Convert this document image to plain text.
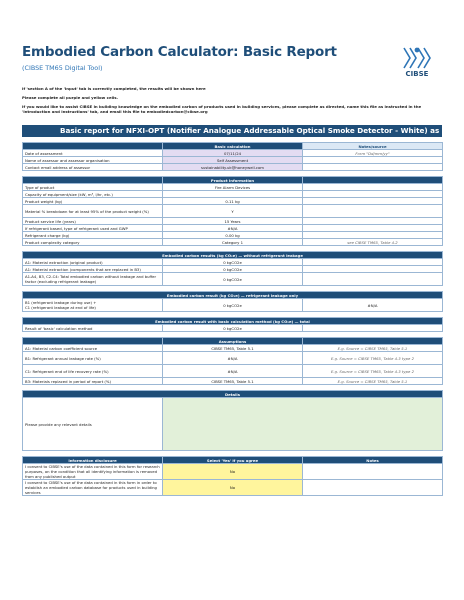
Embodied Carbon Calculator: Basic Report
(CIBSE TM65 Digital Tool)
CIBSE
If 'section A of the 'Input' tab is correctly completed, the results will be shown here
Please complete all purple and yellow cells.
If you would like to assist CIBSE in building knowledge on the embodied carbon of products used in building services, please complete as directed, name this file as instructed in the 'Introduction and instructions' tab, and email this file to embodiedcarbon@cibse.org
Basic report for NFXI-OPT (Notifier Analogue Addressable Optical Smoke Detector - White) as
	Basic calculation	Notes/source
Date of assessment	07/11/24	Form "Dd/mm/yy"
Name of assessor and assessor organisation	Self Assessment	
Contact email address of assessor	sustainability.uk@honeywell.com	

	Product information	
Type of product	Fire Alarm Devices	
Capacity of equipment/size (kW, m³, l/hr, etc.)		
Product weight (kg)	0.11 kg	
Material % breakdown for at least 95% of the product weight (%)	Y	
Product service life (years)	15 Years	
If refrigerant based, type of refrigerant used and GWP	#N/A	
Refrigerant charge (kg)	0.00 kg	
Product complexity category	Category 1	see CIBSE TM65, Table 4.2

Embodied carbon results (kg CO₂e) — without refrigerant leakage		
A1: Material extraction (original product)	0 kgCO2e	
A1: Material extraction (components that are replaced in B3)	0 kgCO2e	
A1-A4, B3, C2-C4: Total embodied carbon without leakage and buffer factor (excluding refrigerant leakage)	0 kgCO2e	

Embodied carbon result (kg CO₂e) — refrigerant leakage only		
B1 (refrigerant leakage during use) +
C1 (refrigerant leakage at end of life)	0 kgCO2e	#N/A

Embodied carbon result with basic calculation method (kg CO₂e) — total		
Result of 'basic' calculation method	0 kgCO2e	

	Assumptions	
A1: Material carbon coefficient source	CIBSE TM65, Table 5.1	E.g. Source = CIBSE TM65, Table 5.1
B1: Refrigerant annual leakage rate (%)	#N/A	E.g. Source = CIBSE TM65, Table 4.3 type 2
C1: Refrigerant end of life recovery rate (%)	#N/A	E.g. Source = CIBSE TM65, Table 4.3 type 2
B3: Materials replaced in period of report (%)	CIBSE TM65, Table 5.1	E.g. Source = CIBSE TM65, Table 5.1

Details		
Please provide any relevant details		

Information disclosure	Select 'Yes' if you agree	Notes
I consent to CIBSE's use of the data contained in this form for research purposes, on the condition that all identifying information is removed from any published output	No	
I consent to CIBSE's use of the data contained in this form in order to establish an embodied carbon database for products used in building services	No	
